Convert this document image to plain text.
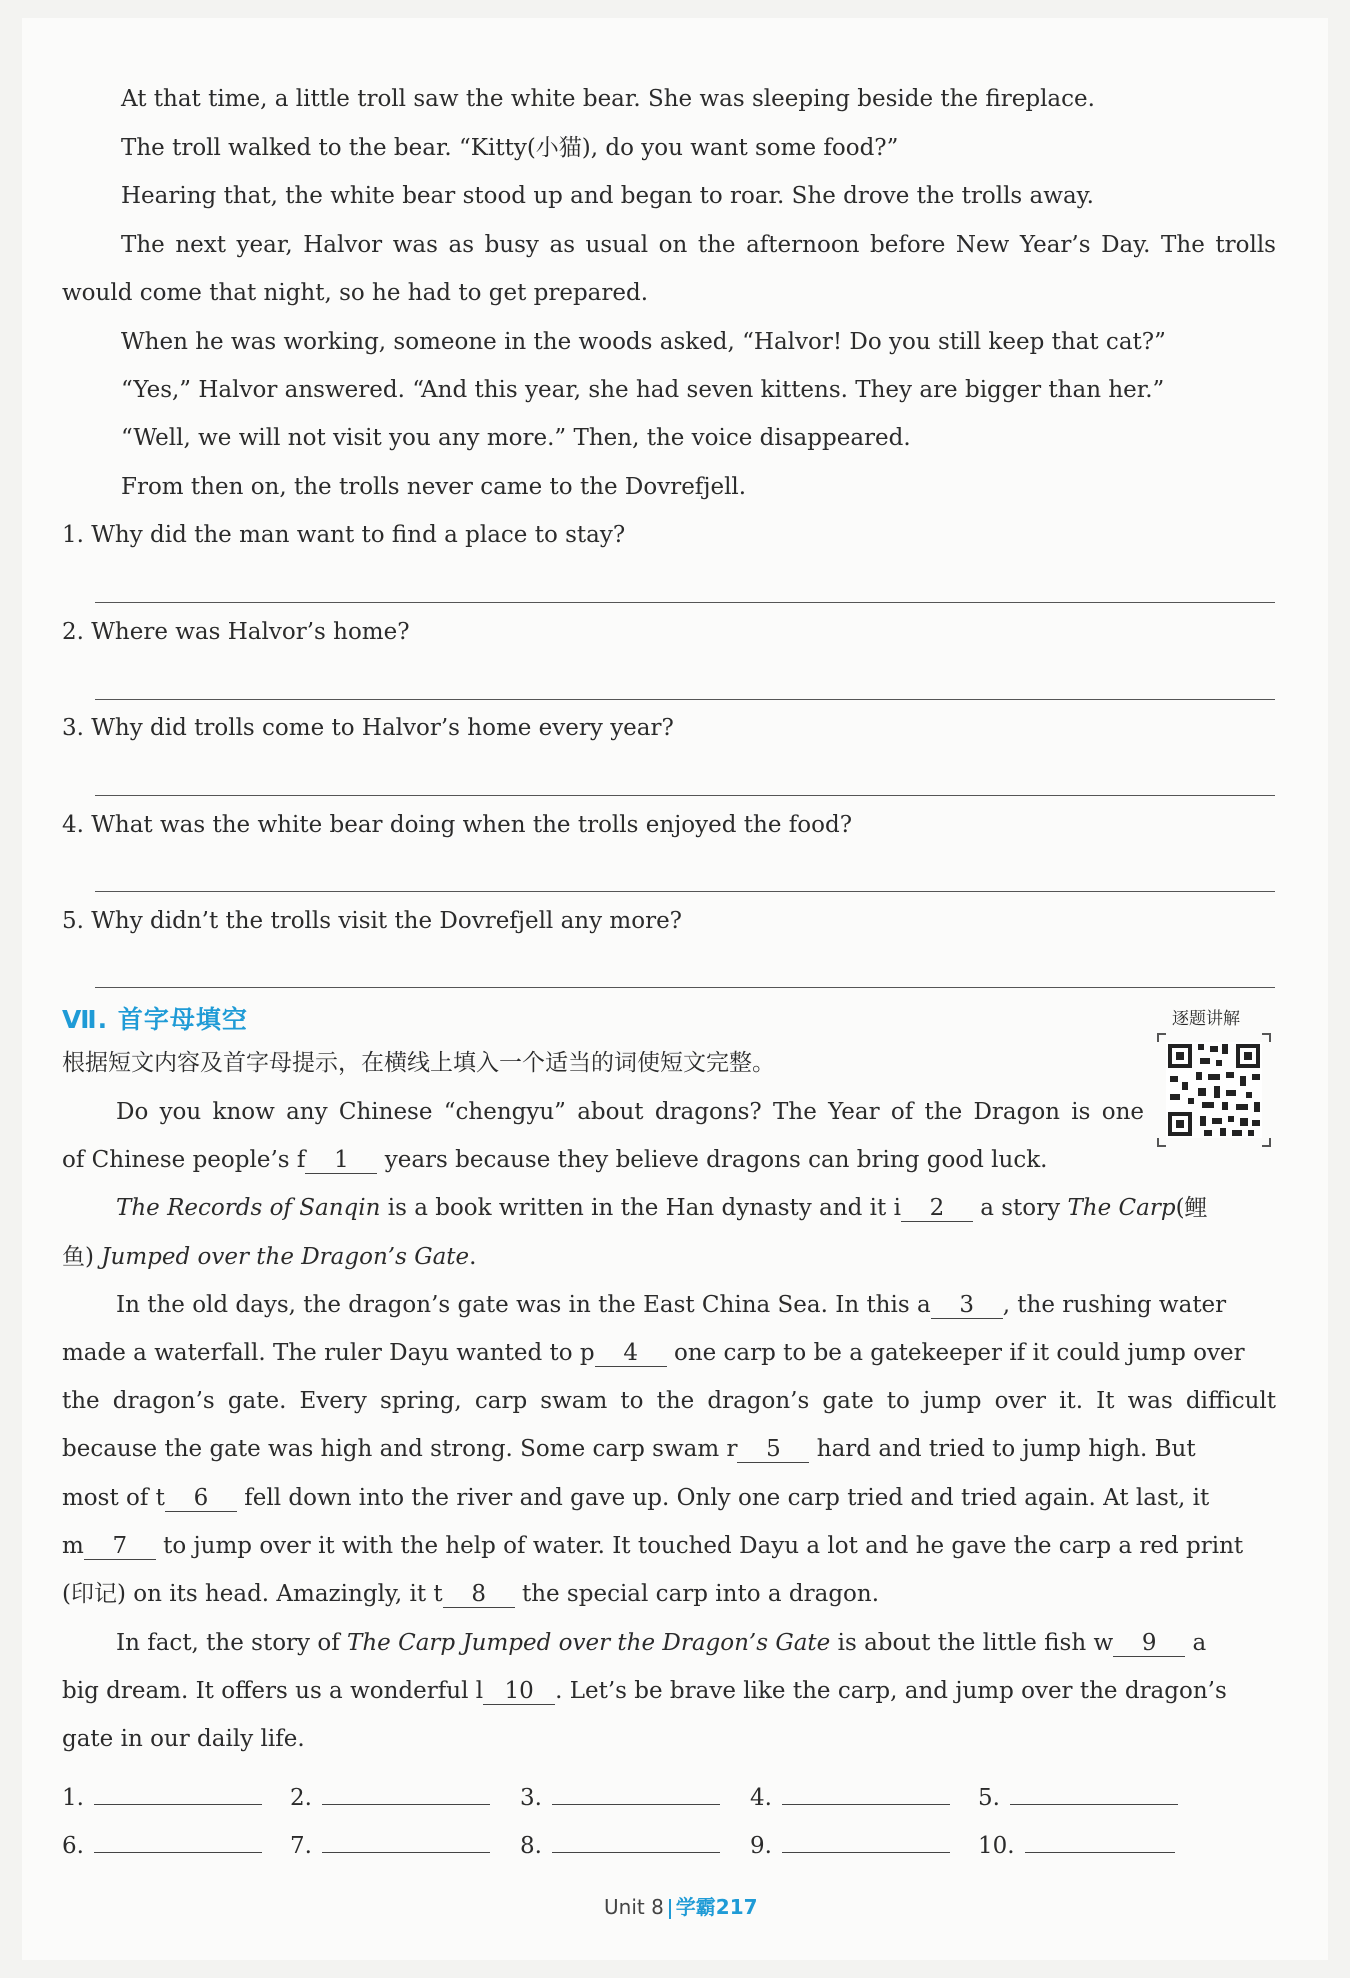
At that time, a little troll saw the white bear. She was sleeping beside the fireplace.
The troll walked to the bear. “Kitty(小猫), do you want some food?”
Hearing that, the white bear stood up and began to roar. She drove the trolls away.
The next year, Halvor was as busy as usual on the afternoon before New Year’s Day. The trolls
would come that night, so he had to get prepared.
When he was working, someone in the woods asked, “Halvor! Do you still keep that cat?”
“Yes,” Halvor answered. “And this year, she had seven kittens. They are bigger than her.”
“Well, we will not visit you any more.” Then, the voice disappeared.
From then on, the trolls never came to the Dovrefjell.
1. Why did the man want to find a place to stay?
2. Where was Halvor’s home?
3. Why did trolls come to Halvor’s home every year?
4. What was the white bear doing when the trolls enjoyed the food?
5. Why didn’t the trolls visit the Dovrefjell any more?
Ⅶ. 首字母填空	逐题讲解
根据短文内容及首字母提示，在横线上填入一个适当的词使短文完整。
Do you know any Chinese “chengyu” about dragons? The Year of the Dragon is one
of Chinese people’s f 1 years because they believe dragons can bring good luck.
The Records of Sanqin is a book written in the Han dynasty and it i 2 a story The Carp(鲤
鱼) Jumped over the Dragon’s Gate.
In the old days, the dragon’s gate was in the East China Sea. In this a 3 , the rushing water
made a waterfall. The ruler Dayu wanted to p 4 one carp to be a gatekeeper if it could jump over
the dragon’s gate. Every spring, carp swam to the dragon’s gate to jump over it. It was difficult
because the gate was high and strong. Some carp swam r 5 hard and tried to jump high. But
most of t 6 fell down into the river and gave up. Only one carp tried and tried again. At last, it
m 7 to jump over it with the help of water. It touched Dayu a lot and he gave the carp a red print
(印记) on its head. Amazingly, it t 8 the special carp into a dragon.
In fact, the story of The Carp Jumped over the Dragon’s Gate is about the little fish w 9 a
big dream. It offers us a wonderful l 10 . Let’s be brave like the carp, and jump over the dragon’s
gate in our daily life.
1.	2.	3.	4.	5.
6.	7.	8.	9.	10.
Unit 8 学霸217
